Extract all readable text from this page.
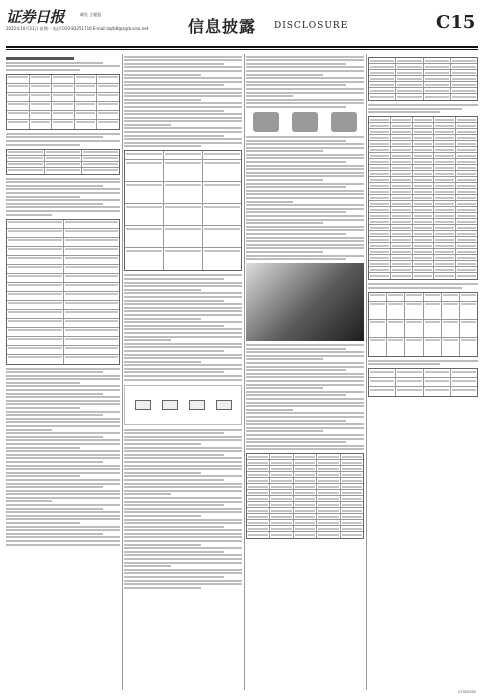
证券日报	邮发 主题报
2022年10月31日 星期一 电话:010-83251716 E-mail:zqrb9@zqrb.sina.net 信息披露 DISCLOSURE	C15
07000380
